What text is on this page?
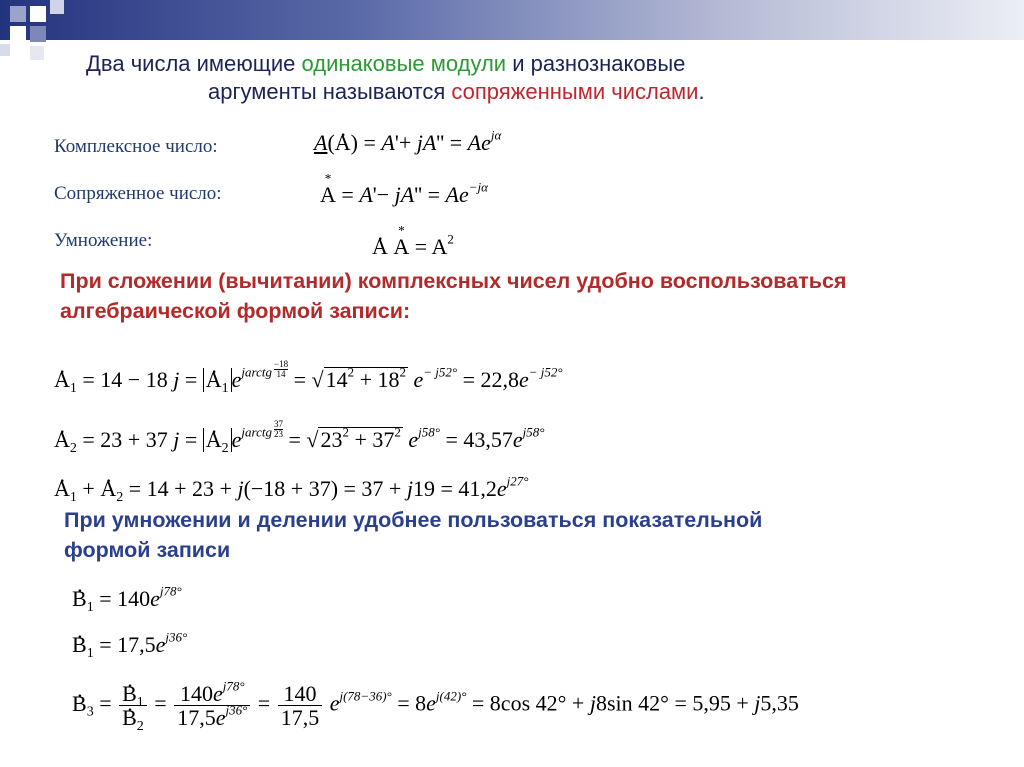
Два числа имеющие одинаковые модули и разнознаковые
аргументы называются сопряженными числами.
Комплексное число:
Сопряженное число:
Умножение:
A(. $A) = A'+ jA'' = Ae^{j\alpha}$
* $A = A'- jA'' = Ae^{-j\alpha}$
. $A * A = A^2$
При сложении (вычитании) комплексных чисел удобно воспользоваться
алгебраической формой записи:
. $A_1 = 14 - 18$ j = . $A_1$ $e^{jarctg} \frac{-18}{14} = √14^2 + 18^2$ $e^{- j52^\circ} = 22,8e^{- j52^\circ}$
. $A_2 = 23 + 37$ j = . $A_2$ $e^{jarctg} \frac{37}{23} = √23^2 + 37^2$ $e^{j58^\circ} = 43,57e^{j58^\circ}$
. $A_1$ + . $A_2 = 14 + 23 + j(-18 + 37) = 37 + j19 = 41,2e^{j27^\circ}$
При умножении и делении удобнее пользоваться показательной
формой записи
. $B_1 = 140e^{j78^\circ}$
. $B_1 = 17,5e^{j36^\circ}$
. $B_3$ = . $B_1$
. $B_2 = \frac{140e^{j78^\circ}}{17,5e^{j36^\circ}} = \frac{140}{17,5} e^{j(78-36)^\circ} = 8e^{j(42)^\circ} = 8\cos$ 42° + j8sin 42° = 5,95 + j5,35
